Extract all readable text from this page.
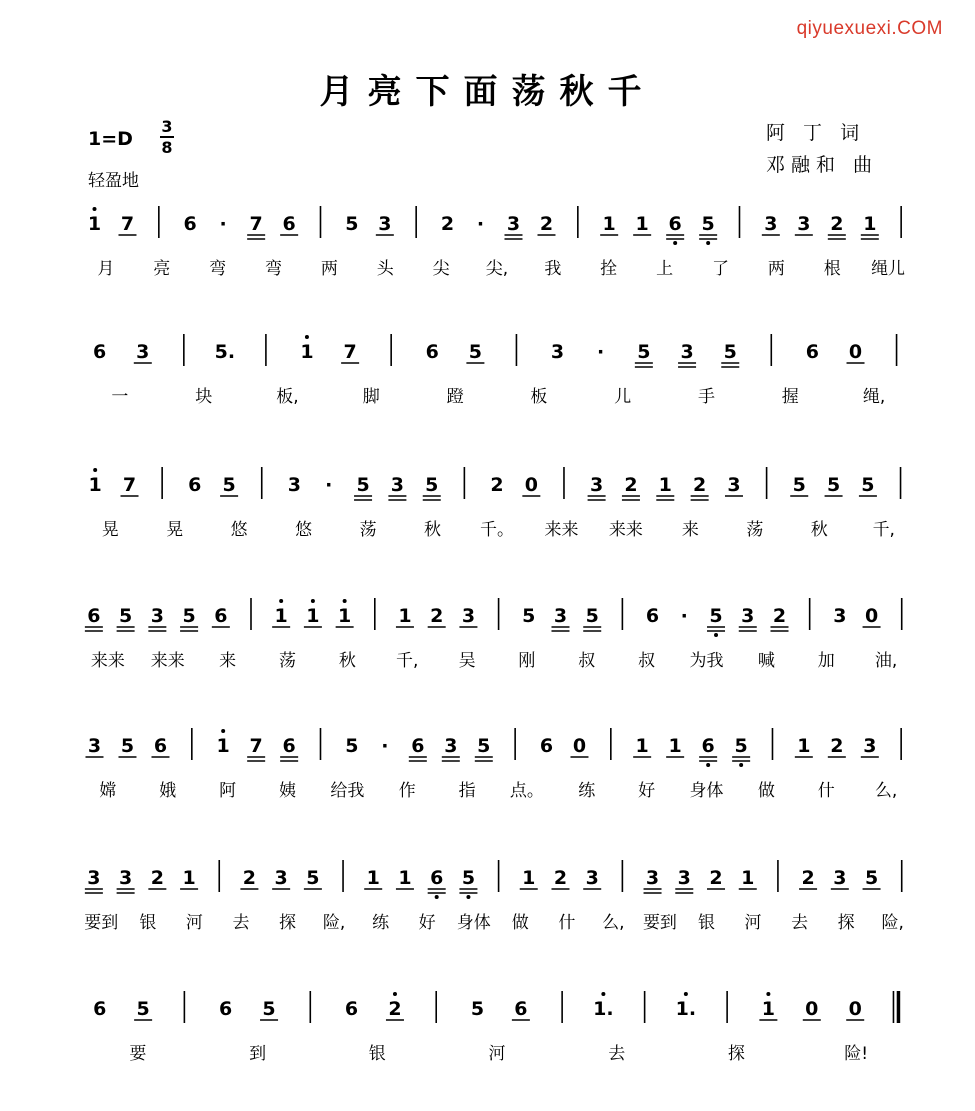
qiyuexuexi.COM
月亮下面荡秋千
$1=D \frac{3}{8}$
轻盈地
阿 丁 词
邓融和 曲
1 7	6 · 7 6	5 3	2 · 3 2	1 1 6 5	3 3 2 1
月 亮 弯 弯 两 头 尖 尖, 我 拴 上 了 两 根 绳儿
6 3	5.	1 7	6 5	3 · 5 3 5	6 0
一	块	板,	脚	蹬	板	儿	手	握	绳,
1 7	6 5	3 · 5 3 5	2 0	3 2 1 2 3	5 5 5
晃	晃	悠	悠	荡	秋 千。 来来 来来 来	荡	秋	千,
6 5 3 5 6 1 1 1 1 2 3 5 3 5 6 · 5 3 2 3 0
来来 来来 来	荡	秋 千, 吴	刚	叔	叔 为我 喊	加 油,
3 5 6	1 7 6	5 · 6 3 5	6 0	1 1 6 5	1 2 3
嫦	娥	阿	姨 给我 作	指 点。 练	好 身体 做	什 么,
3 3 2 1 2 3 5 1 1 6 5 1 2 3 3 3 2 1 2 3 5
要到 银 河 去 探 险, 练 好 身体 做 什 么, 要到 银 河 去 探 险,
6 5	6 5	6 2	5 6	1.	1.	1 0 0
要	到	银	河	去	探	险!
